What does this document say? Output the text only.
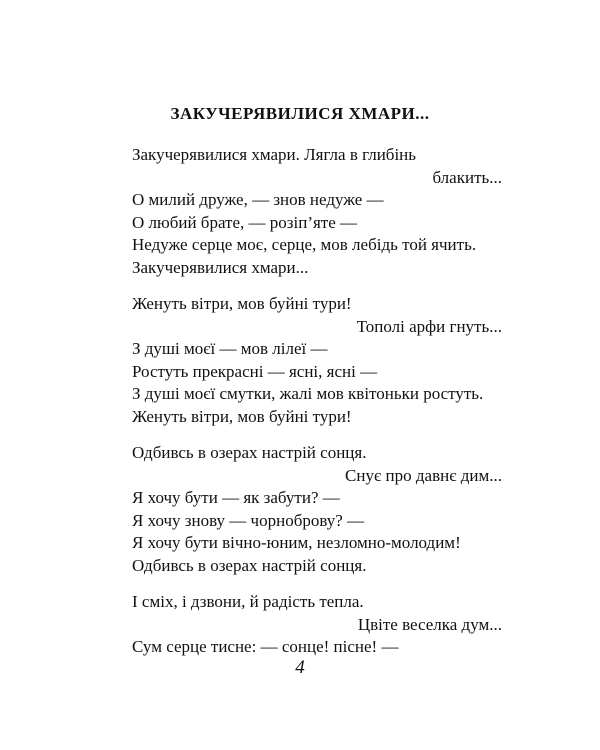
ЗАКУЧЕРЯВИЛИСЯ ХМАРИ...
Закучерявилися хмари. Лягла в глибінь
блакить...
О милий друже, — знов недуже —
О любий брате, — розіп’яте —
Недуже серце моє, серце, мов лебідь той ячить.
Закучерявилися хмари...
Женуть вітри, мов буйні тури!
Тополі арфи гнуть...
З душі моєї — мов лілеї —
Ростуть прекрасні — ясні, ясні —
З душі моєї смутки, жалі мов квітоньки ростуть.
Женуть вітри, мов буйні тури!
Одбивсь в озерах настрій сонця.
Снує про давнє дим...
Я хочу бути — як забути? —
Я хочу знову — чорноброву? —
Я хочу бути вічно-юним, незломно-молодим!
Одбивсь в озерах настрій сонця.
І сміх, і дзвони, й радість тепла.
Цвіте веселка дум...
Сум серце тисне: — сонце! пісне! —
4
